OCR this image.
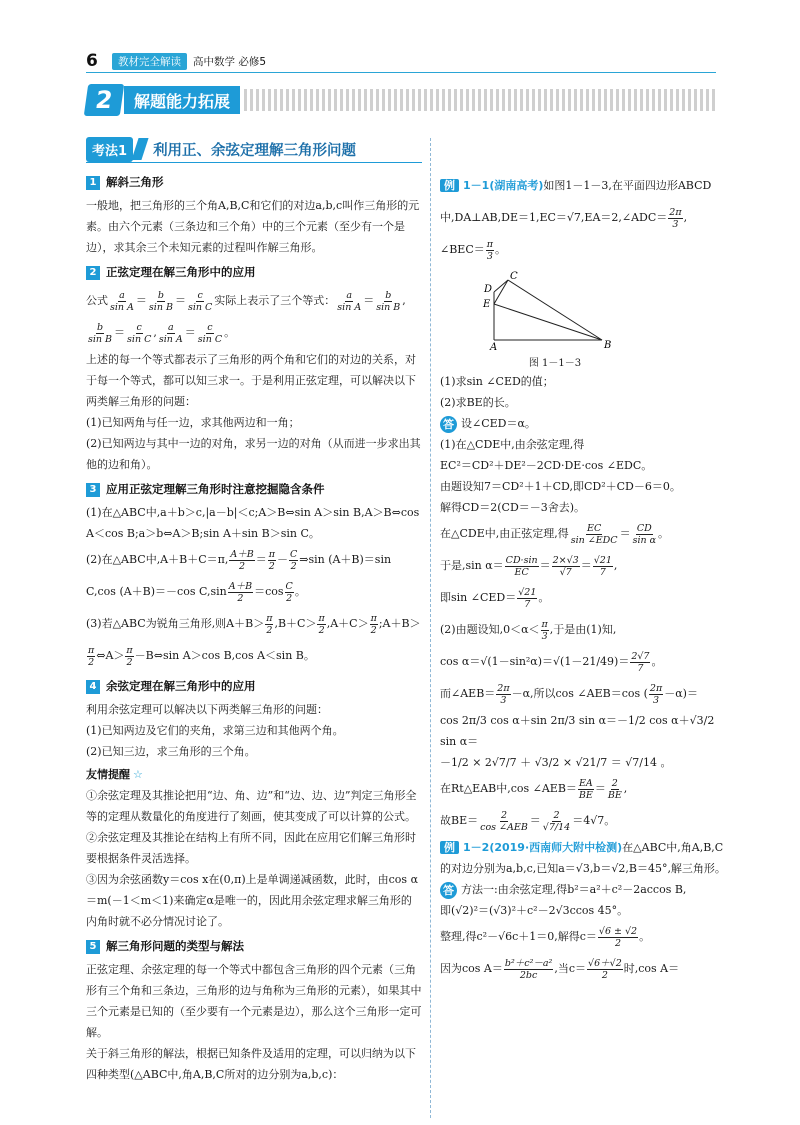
6	教材完全解读	高中数学 必修5
2	解题能力拓展
考法1	利用正、余弦定理解三角形问题
1 解斜三角形
一般地，把三角形的三个角A,B,C和它们的对边a,b,c叫作三角形的元素。由六个元素（三条边和三个角）中的三个元素（至少有一个是边），求其余三个未知元素的过程叫作解三角形。
2 正弦定理在解三角形中的应用
公式 $\frac{a}{\text{sin A}} = \frac{b}{\text{sin B}} = \frac{c}{\text{sin C}}$ 实际上表示了三个等式： $\frac{a}{\text{sin A}} = \frac{b}{\text{sin B}}$ ,
$\frac{b}{\text{sin B}} = \frac{c}{\text{sin C}}$ , $\frac{a}{\text{sin A}} = \frac{c}{\text{sin C}}$ 。
上述的每一个等式都表示了三角形的两个角和它们的对边的关系，对于每一个等式，都可以知三求一。于是利用正弦定理，可以解决以下两类解三角形的问题：
(1)已知两角与任一边，求其他两边和一角；
(2)已知两边与其中一边的对角，求另一边的对角（从而进一步求出其他的边和角）。
3 应用正弦定理解三角形时注意挖掘隐含条件
(1)在△ABC中,a＋b＞c,|a－b|＜c;A＞B⇔sin A＞sin B,A＞B⇔cos A＜cos B;a＞b⇔A＞B;sin A＋sin B＞sin C。
(2)在△ABC中,A＋B＋C＝π, $\frac{A+B}{2} = \frac{\pi}{2} - \frac{C}{2}$ ⇒sin (A＋B)＝sin C,cos (A＋B)＝－cos $C,\sin \frac{A+B}{2} =\cos \frac{C}{2}$ 。
(3)若△ABC为锐角三角形,则$A+B> \frac{\pi}{2} ,B+C> \frac{\pi}{2} ,A+C> \frac{\pi}{2}$ ;A＋B＞
$\frac{\pi}{2}$ ⇔A＞ $\frac{\pi}{2}$ －B⇔sin A＞cos B,cos A＜sin B。
4 余弦定理在解三角形中的应用
利用余弦定理可以解决以下两类解三角形的问题：
(1)已知两边及它们的夹角，求第三边和其他两个角。
(2)已知三边，求三角形的三个角。
友情提醒 ☆
①余弦定理及其推论把用“边、角、边”和“边、边、边”判定三角形全等的定理从数量化的角度进行了刻画，使其变成了可以计算的公式。
②余弦定理及其推论在结构上有所不同，因此在应用它们解三角形时要根据条件灵活选择。
③因为余弦函数y＝cos x在(0,π)上是单调递减函数，此时，由cos α＝m(－1＜m＜1)来确定α是唯一的，因此用余弦定理求解三角形的内角时就不必分情况讨论了。
5 解三角形问题的类型与解法
正弦定理、余弦定理的每一个等式中都包含三角形的四个元素（三角形有三个角和三条边，三角形的边与角称为三角形的元素），如果其中三个元素是已知的（至少要有一个元素是边），那么这个三角形一定可解。
关于斜三角形的解法，根据已知条件及适用的定理，可以归纳为以下四种类型(△ABC中,角A,B,C所对的边分别为a,b,c)：
例 1－1(湖南高考)如图1－1－3,在平面四边形ABCD中,DA⊥AB,DE＝1,EC＝√7,EA＝2,∠ADC＝ $\frac{2\pi}{3}$ ,
∠BEC＝ $\frac{\pi}{3}$ 。
C
D
E
A	B
图 1－1－3
(1)求sin ∠CED的值；
(2)求BE的长。
答 设∠CED＝α。
(1)在△CDE中,由余弦定理,得
EC²＝CD²＋DE²－2CD·DE·cos ∠EDC。
由题设知7＝CD²＋1＋CD,即CD²＋CD－6＝0。
解得CD＝2(CD＝－3舍去)。
在△CDE中,由正弦定理,得 $\frac{EC}{\text{sin ∠EDC}} = \frac{CD}{\text{sin α}}$ 。
于是,sin $\alpha= \frac{CD\cdot\sin}{EC} = \frac{2\times√3}{√7} = \frac{√21}{7}$ ,
即sin ∠CED＝ $\frac{√21}{7}$ 。
(2)由题设知$,0<\alpha< \frac{\pi}{3}$ ,于是由(1)知,
$\cos \alpha=√(1-\sin^2\alpha)=√(1-21/49)= \frac{2√7}{7}$ 。
而∠AEB＝ $\frac{2\pi}{3} -\alpha$,所以cos ∠AEB＝cos ( $\frac{2\pi}{3} -\alpha)=$
cos 2π/3 cos α＋sin 2π/3 sin α＝－1/2 cos α＋√3/2 sin α＝
－1/2 × 2√7/7 ＋ √3/2 × √21/7 ＝ √7/14 。
在Rt△EAB中,cos ∠AEB＝ $\frac{EA}{BE} = \frac{2}{BE}$ ,
故$BE= \frac{2}{\text{cos ∠AEB}} = \frac{2}{√7/14} =4√7$。
例 1－2(2019·西南师大附中检测)在△ABC中,角A,B,C的对边分别为a,b,c,已知a＝√3,b＝√2,B＝45°,解三角形。
答 方法一:由余弦定理,得b²＝a²＋c²－2accos B,
即(√2)²＝(√3)²＋c²－2√3ccos 45°。
整理,得c²－√6c＋1＝0,解得$c= \frac{√6 \pm √2}{2}$ 。
因为$\cos A= \frac{\text{b²＋c²－a²}}{2bc}$ ,当$c= \frac{√6+√2}{2}$ 时,cos A＝
